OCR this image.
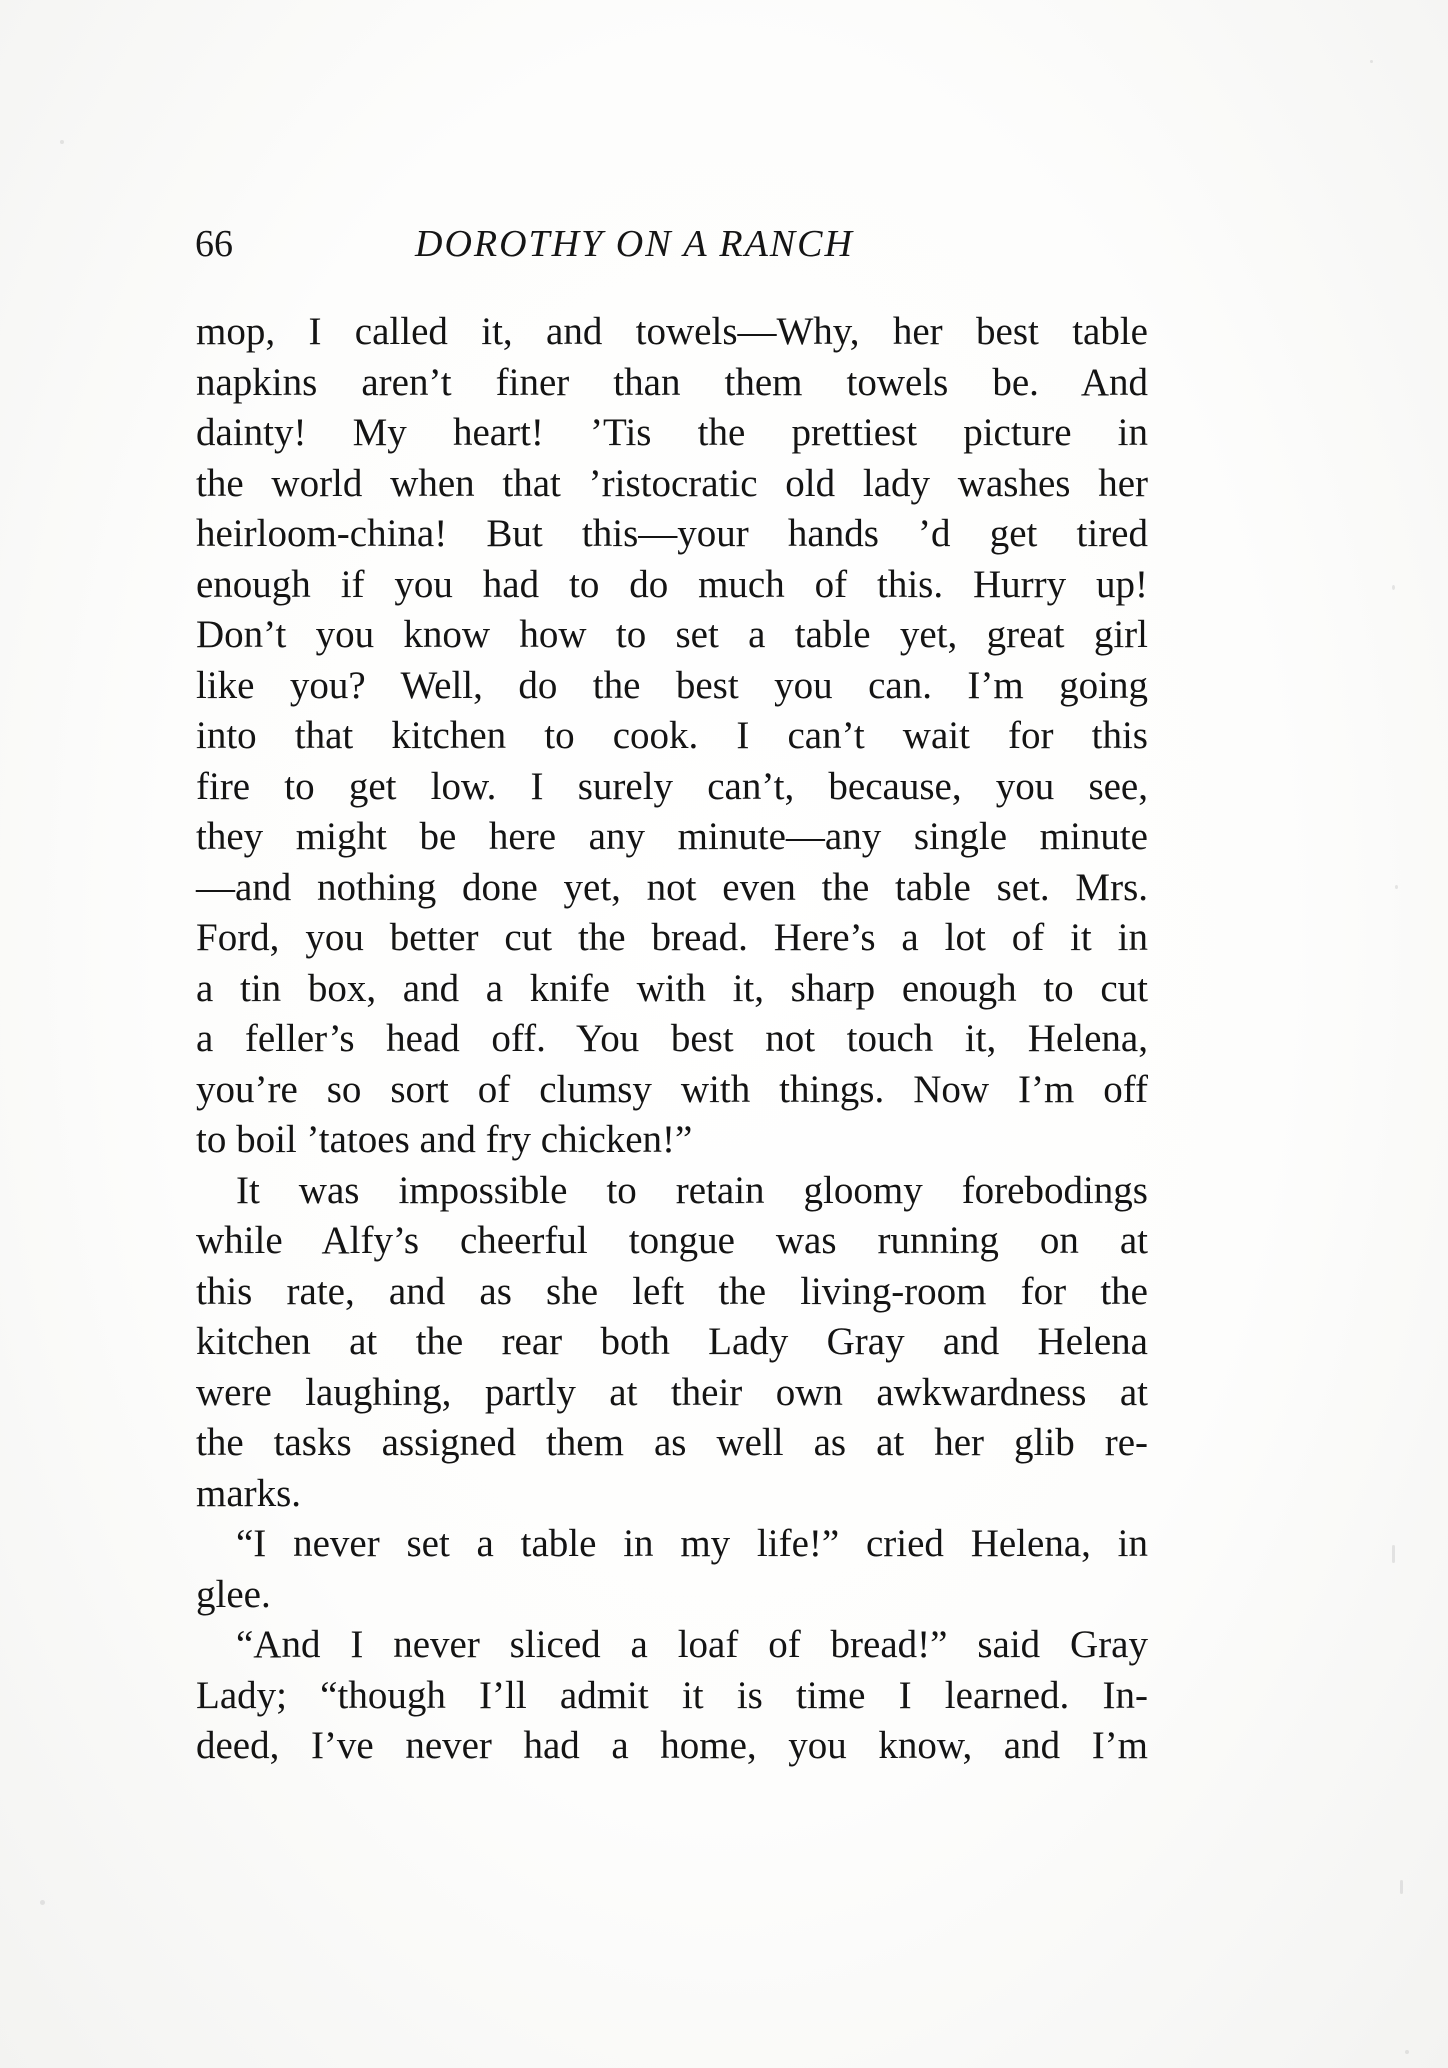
66	DOROTHY ON A RANCH
mop, I called it, and towels—Why, her best table
napkins aren’t finer than them towels be. And
dainty! My heart! ’Tis the prettiest picture in
the world when that ’ristocratic old lady washes her
heirloom-china! But this—your hands ’d get tired
enough if you had to do much of this. Hurry up!
Don’t you know how to set a table yet, great girl
like you? Well, do the best you can. I’m going
into that kitchen to cook. I can’t wait for this
fire to get low. I surely can’t, because, you see,
they might be here any minute—any single minute
—and nothing done yet, not even the table set. Mrs.
Ford, you better cut the bread. Here’s a lot of it in
a tin box, and a knife with it, sharp enough to cut
a feller’s head off. You best not touch it, Helena,
you’re so sort of clumsy with things. Now I’m off
to boil ’tatoes and fry chicken!”
It was impossible to retain gloomy forebodings
while Alfy’s cheerful tongue was running on at
this rate, and as she left the living-room for the
kitchen at the rear both Lady Gray and Helena
were laughing, partly at their own awkwardness at
the tasks assigned them as well as at her glib re-
marks.
“I never set a table in my life!” cried Helena, in
glee.
“And I never sliced a loaf of bread!” said Gray
Lady; “though I’ll admit it is time I learned. In-
deed, I’ve never had a home, you know, and I’m
